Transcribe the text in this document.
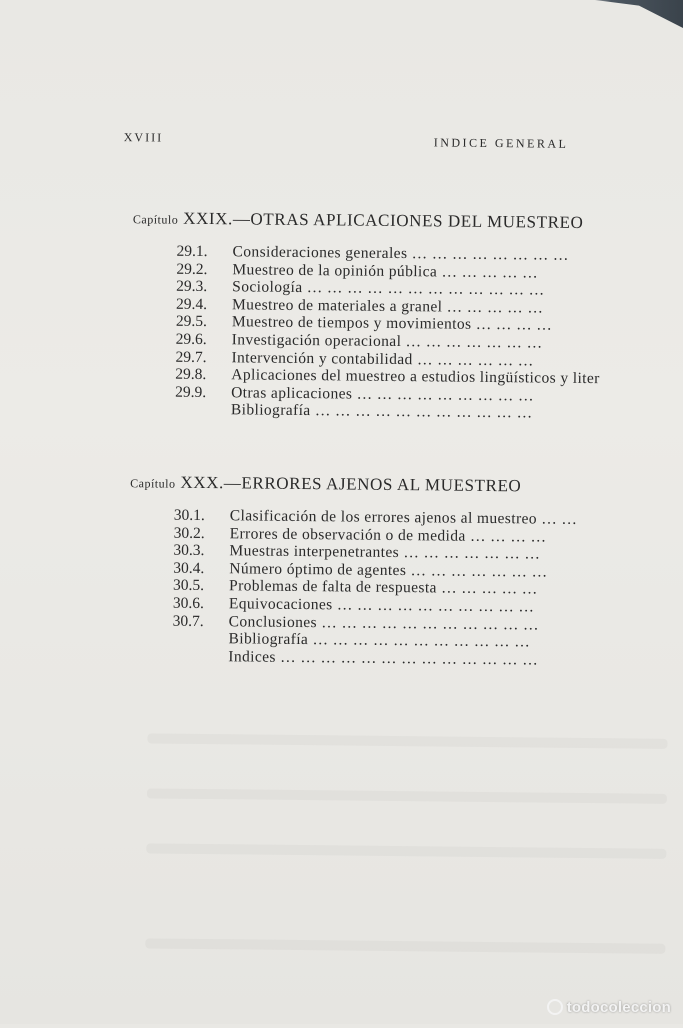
XVIII	INDICE GENERAL
Capítulo XXIX.—OTRAS APLICACIONES DEL MUESTREO
29.1.	Consideraciones generales … … … … … … … …
29.2.	Muestreo de la opinión pública … … … … …
29.3.	Sociología … … … … … … … … … … … …
29.4.	Muestreo de materiales a granel … … … … …
29.5.	Muestreo de tiempos y movimientos … … … …
29.6.	Investigación operacional … … … … … … …
29.7.	Intervención y contabilidad … … … … … …
29.8.	Aplicaciones del muestreo a estudios lingüísticos y liter
29.9.	Otras aplicaciones … … … … … … … … …
Bibliografía … … … … … … … … … … …
Capítulo XXX.—ERRORES AJENOS AL MUESTREO
30.1.	Clasificación de los errores ajenos al muestreo … …
30.2.	Errores de observación o de medida … … … …
30.3.	Muestras interpenetrantes … … … … … … …
30.4.	Número óptimo de agentes … … … … … … …
30.5.	Problemas de falta de respuesta … … … … …
30.6.	Equivocaciones … … … … … … … … … …
30.7.	Conclusiones … … … … … … … … … … …
Bibliografía … … … … … … … … … … …
Indices … … … … … … … … … … … … …
todocoleccion
